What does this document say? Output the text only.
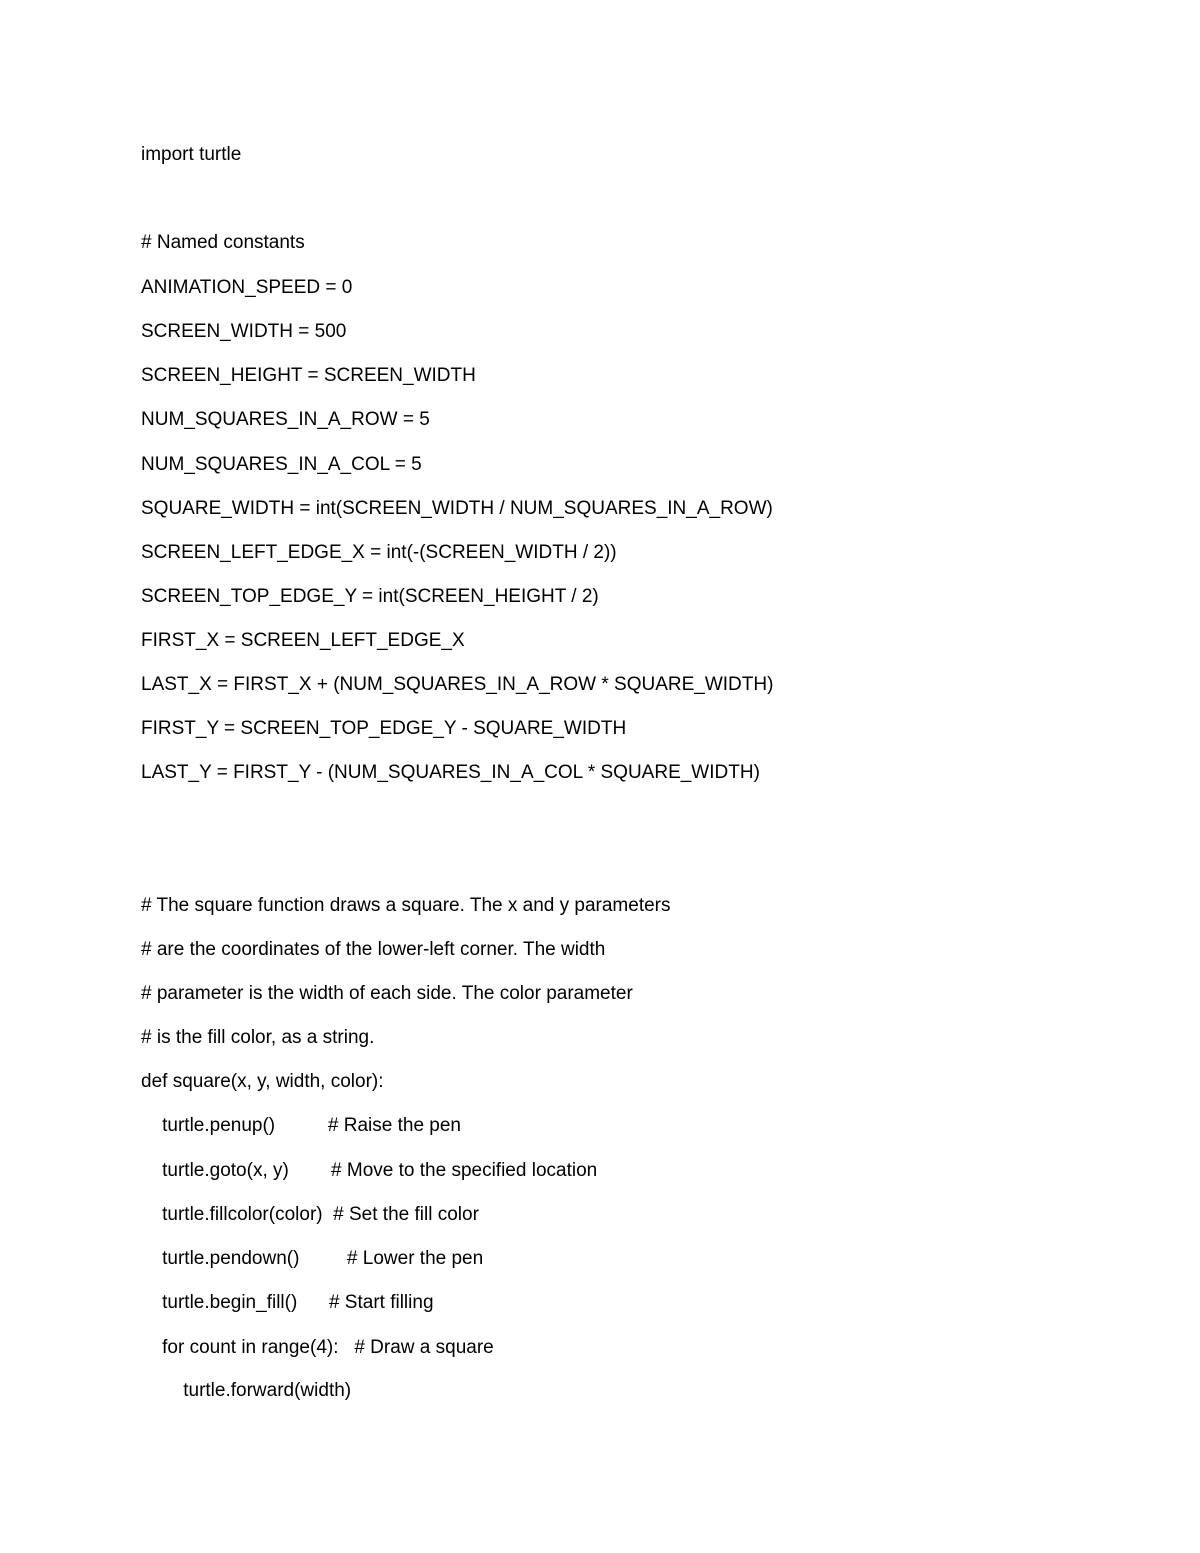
import turtle
# Named constants
ANIMATION_SPEED = 0
SCREEN_WIDTH = 500
SCREEN_HEIGHT = SCREEN_WIDTH
NUM_SQUARES_IN_A_ROW = 5
NUM_SQUARES_IN_A_COL = 5
SQUARE_WIDTH = int(SCREEN_WIDTH / NUM_SQUARES_IN_A_ROW)
SCREEN_LEFT_EDGE_X = int(-(SCREEN_WIDTH / 2))
SCREEN_TOP_EDGE_Y = int(SCREEN_HEIGHT / 2)
FIRST_X = SCREEN_LEFT_EDGE_X
LAST_X = FIRST_X + (NUM_SQUARES_IN_A_ROW * SQUARE_WIDTH)
FIRST_Y = SCREEN_TOP_EDGE_Y - SQUARE_WIDTH
LAST_Y = FIRST_Y - (NUM_SQUARES_IN_A_COL * SQUARE_WIDTH)
# The square function draws a square. The x and y parameters
# are the coordinates of the lower-left corner. The width
# parameter is the width of each side. The color parameter
# is the fill color, as a string.
def square(x, y, width, color):
turtle.penup()          # Raise the pen
turtle.goto(x, y)        # Move to the specified location
turtle.fillcolor(color)  # Set the fill color
turtle.pendown()         # Lower the pen
turtle.begin_fill()      # Start filling
for count in range(4):   # Draw a square
turtle.forward(width)
